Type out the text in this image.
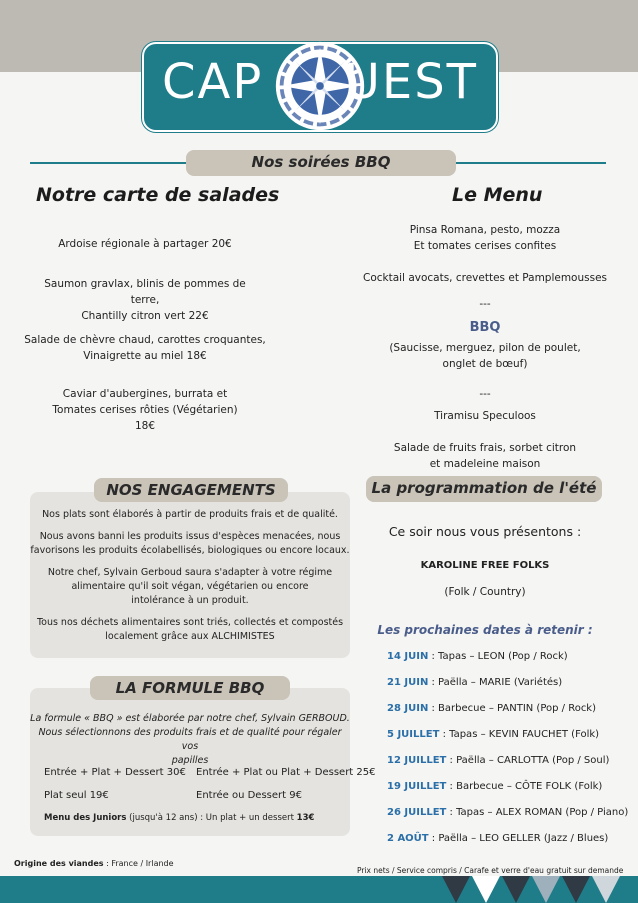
CAP UEST
Nos soirées BBQ
Notre carte de salades
Ardoise régionale à partager 20€
Saumon gravlax, blinis de pommes de terre,
Chantilly citron vert 22€
Salade de chèvre chaud, carottes croquantes,
Vinaigrette au miel 18€
Caviar d'aubergines, burrata et
Tomates cerises rôties (Végétarien)
18€
Le Menu
Pinsa Romana, pesto, mozza
Et tomates cerises confites
Cocktail avocats, crevettes et Pamplemousses
---
BBQ
(Saucisse, merguez, pilon de poulet,
onglet de bœuf)
---
Tiramisu Speculoos
Salade de fruits frais, sorbet citron
et madeleine maison
NOS ENGAGEMENTS
Nos plats sont élaborés à partir de produits frais et de qualité.
Nous avons banni les produits issus d'espèces menacées, nous
favorisons les produits écolabellisés, biologiques ou encore locaux.
Notre chef, Sylvain Gerboud saura s'adapter à votre régime
alimentaire qu'il soit végan, végétarien ou encore
intolérance à un produit.
Tous nos déchets alimentaires sont triés, collectés et compostés
localement grâce aux ALCHIMISTES
LA FORMULE BBQ
La formule « BBQ » est élaborée par notre chef, Sylvain GERBOUD.
Nous sélectionnons des produits frais et de qualité pour régaler vos
papilles
Entrée + Plat + Dessert 30€ Entrée + Plat ou Plat + Dessert 25€
Plat seul 19€	Entrée ou Dessert 9€
Menu des Juniors (jusqu'à 12 ans) : Un plat + un dessert 13€
La programmation de l'été
Ce soir nous vous présentons :
KAROLINE FREE FOLKS
(Folk / Country)
Les prochaines dates à retenir :
14 JUIN : Tapas – LEON (Pop / Rock)
21 JUIN : Paëlla – MARIE (Variétés)
28 JUIN : Barbecue – PANTIN (Pop / Rock)
5 JUILLET : Tapas – KEVIN FAUCHET (Folk)
12 JUILLET : Paëlla – CARLOTTA (Pop / Soul)
19 JUILLET : Barbecue – CÔTE FOLK (Folk)
26 JUILLET : Tapas – ALEX ROMAN (Pop / Piano)
2 AOÛT : Paëlla – LEO GELLER (Jazz / Blues)
Origine des viandes : France / Irlande
Prix nets / Service compris / Carafe et verre d'eau gratuit sur demande
